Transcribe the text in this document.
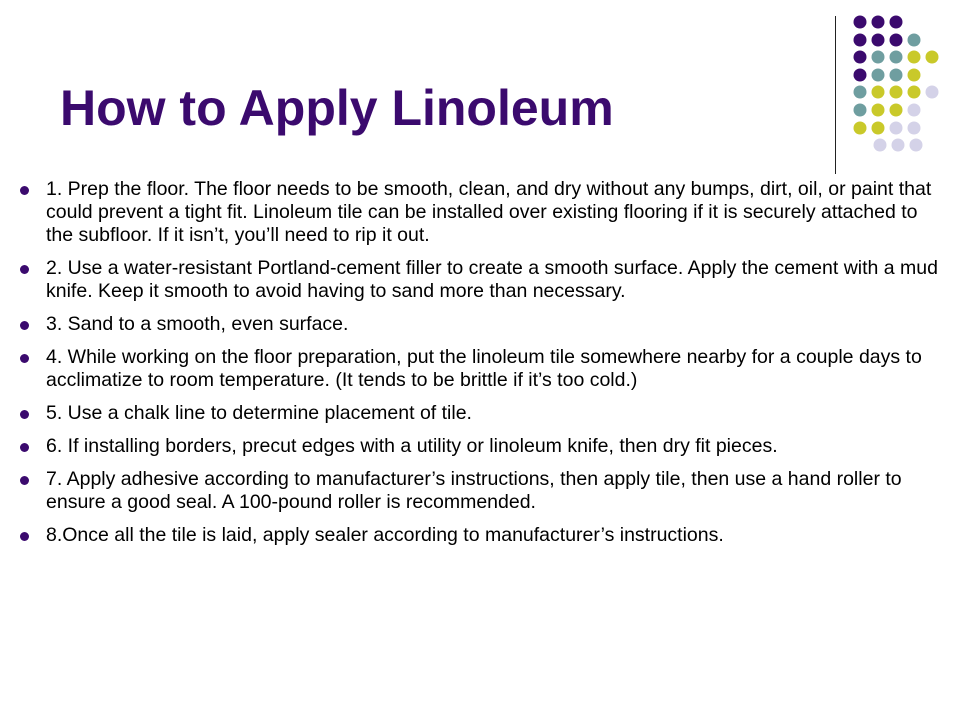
How to Apply Linoleum
1. Prep the floor. The floor needs to be smooth, clean, and dry without any bumps, dirt, oil, or paint that could prevent a tight fit. Linoleum tile can be installed over existing flooring if it is securely attached to the subfloor. If it isn’t, you’ll need to rip it out.
2. Use a water-resistant Portland-cement filler to create a smooth surface. Apply the cement with a mud knife. Keep it smooth to avoid having to sand more than necessary.
3. Sand to a smooth, even surface.
4. While working on the floor preparation, put the linoleum tile somewhere nearby for a couple days to acclimatize to room temperature. (It tends to be brittle if it’s too cold.)
5. Use a chalk line to determine placement of tile.
6. If installing borders, precut edges with a utility or linoleum knife, then dry fit pieces.
7. Apply adhesive according to manufacturer’s instructions, then apply tile, then use a hand roller to ensure a good seal. A 100-pound roller is recommended.
8.Once all the tile is laid, apply sealer according to manufacturer’s instructions.
